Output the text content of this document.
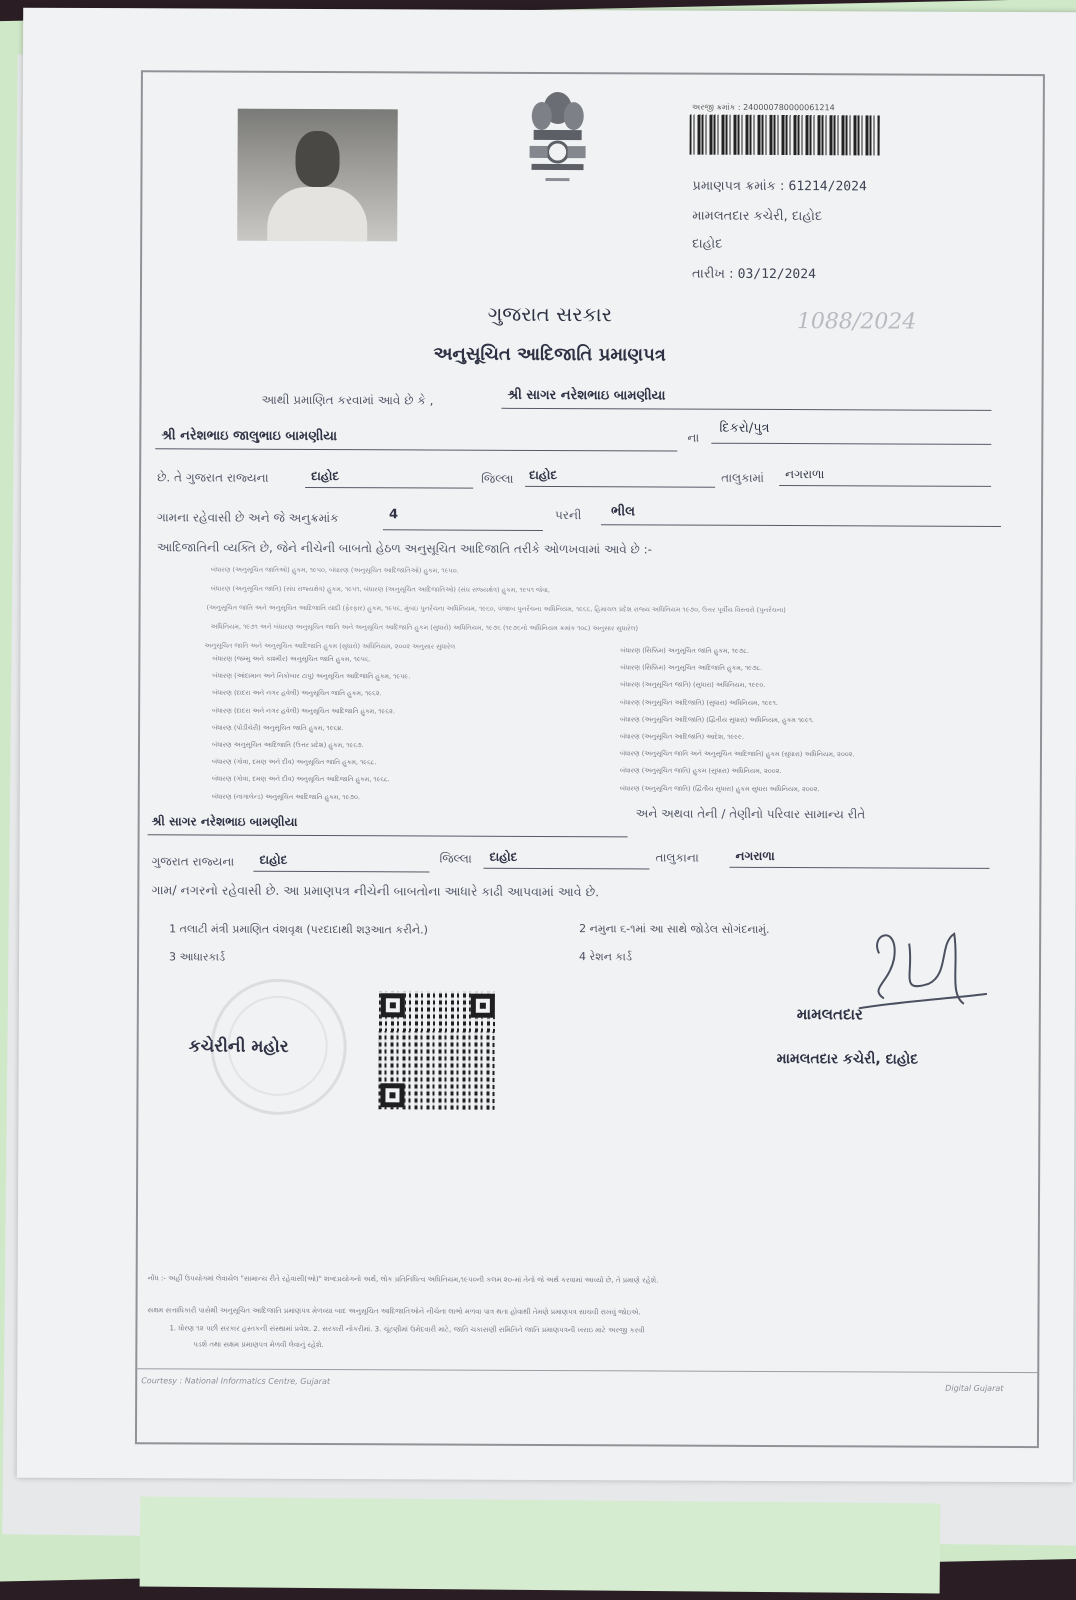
અરજી ક્રમાંક : 240000780000061214
પ્રમાણપત્ર ક્રમાંક : 61214/2024
મામલતદાર કચેરી, દાહોદ
દાહોદ
તારીખ : 03/12/2024
1088/2024
ગુજરાત સરકાર
અનુસૂચિત આદિજાતિ પ્રમાણપત્ર
આથી પ્રમાણિત કરવામાં આવે છે કે ,	શ્રી સાગર નરેશભાઇ બામણીયા
શ્રી નરેશભાઇ જાલુભાઇ બામણીયા	ના
દિકરો/પુત્ર
છે. તે ગુજરાત રાજ્યના	દાહોદ	જિલ્લા દાહોદ	તાલુકામાં નગરાળા
ગામના રહેવાસી છે અને જે અનુક્રમાંક	4	પરની ભીલ
આદિજાતિની વ્યક્તિ છે, જેને નીચેની બાબતો હેઠળ અનુસૂચિત આદિજાતિ તરીકે ઓળખવામાં આવે છે :-
બંધારણ (અનુસૂચિત જાતિઓ) હુકમ, ૧૯૫૦, બંધારણ (અનુસૂચિત આદિજાતિઓ) હુકમ, ૧૯૫૦.
બંધારણ (અનુસૂચિત જાતિ) (સંઘ રાજ્યક્ષેત્ર) હુકમ, ૧૯૫૧, બંધારણ (અનુસૂચિત આદિજાતિઓ) (સંઘ રાજ્યક્ષેત્ર) હુકમ, ૧૯૫૧ જેવા,
(અનુસૂચિત જાતિ અને અનુસૂચિત આદિજાતિ યાદી (ફેરફાર) હુકમ, ૧૯૫૬, મુંબઇ પુનર્રચના અધિનિયમ, ૧૯૬૦, પંજાબ પુનર્રચના અધિનિયમ, ૧૯૬૬, હિમાચલ પ્રદેશ રાજ્ય અધિનિયમ ૧૯૭૦, ઉત્તર પૂર્વીય વિસ્તારો (પુનર્રચના)
અધિનિયમ, ૧૯૭૧ અને બંધારણ અનુસૂચિત જાતિ અને અનુસૂચિત આદિજાતિ હુકમ (સુધારો) અધિનિયમ, ૧૯૭૬ (૧૯૭૬નો અધિનિયમ ક્રમાંક ૧૦૮) અનુસાર સુધારેલ)
અનુસૂચિત જાતિ અને અનુસૂચિત આદિજાતિ હુકમ (સુધારો) અધિનિયમ, ૨૦૦૨ અનુસાર સુધારેલ
બંધારણ (જમ્મુ અને કાશ્મીર) અનુસૂચિત જાતિ હુકમ, ૧૯૫૬.
બંધારણ (આંદામાન અને નિકોબાર ટાપુ) અનુસૂચિત આદિજાતિ હુકમ, ૧૯૫૯.
બંધારણ (દાદરા અને નગર હવેલી) અનુસૂચિત જાતિ હુકમ, ૧૯૬૨.
બંધારણ (દાદરા અને નગર હવેલી) અનુસૂચિત આદિજાતિ હુકમ, ૧૯૬૨.
બંધારણ (પોંડીચેરી) અનુસૂચિત જાતિ હુકમ, ૧૯૬૪.
બંધારણ અનુસૂચિત આદિજાતિ (ઉત્તર પ્રદેશ) હુકમ, ૧૯૬૭.
બંધારણ (ગોવા, દમણ અને દીવ) અનુસૂચિત જાતિ હુકમ, ૧૯૬૮.
બંધારણ (ગોવા, દમણ અને દીવ) અનુસૂચિત આદિજાતિ હુકમ, ૧૯૬૮.
બંધારણ (નાગાલેન્ડ) અનુસૂચિત આદિજાતિ હુકમ, ૧૯૭૦.
બંધારણ (સિક્કિમ) અનુસૂચિત જાતિ હુકમ, ૧૯૭૮.
બંધારણ (સિક્કિમ) અનુસૂચિત આદિજાતિ હુકમ, ૧૯૭૮.
બંધારણ (અનુસૂચિત જાતિ) (સુધારા) અધિનિયમ, ૧૯૯૦.
બંધારણ (અનુસૂચિત આદિજાતિ) (સુધારા) અધિનિયમ, ૧૯૯૧.
બંધારણ (અનુસૂચિત આદિજાતિ) (દ્વિતીય સુધારા) અધિનિયમ, હુકમ ૧૯૯૧.
બંધારણ (અનુસૂચિત આદિજાતિ) આદેશ, ૧૯૯૯.
બંધારણ (અનુસૂચિત જાતિ અને અનુસૂચિત આદિજાતિ) હુકમ (સુધારા) અધિનિયમ, ૨૦૦૨.
બંધારણ (અનુસૂચિત જાતિ) હુકમ (સુધારા) અધિનિયમ, ૨૦૦૨.
બંધારણ (અનુસૂચિત જાતિ) (દ્વિતીય સુધારા) હુકમ સુધારા અધિનિયમ, ૨૦૦૨.
શ્રી સાગર નરેશભાઇ બામણીયા
અને અથવા તેની / તેણીનો પરિવાર સામાન્ય રીતે
ગુજરાત રાજ્યના દાહોદ	જિલ્લા દાહોદ	તાલુકાના	નગરાળા
ગામ/ નગરનો રહેવાસી છે. આ પ્રમાણપત્ર નીચેની બાબતોના આધારે કાઢી આપવામાં આવે છે.
1 તલાટી મંત્રી પ્રમાણિત વંશવૃક્ષ (પરદાદાથી શરૂઆત કરીને.)	2 નમુના ૬-૧માં આ સાથે જોડેલ સોગંદનામું.
3 આધારકાર્ડ	4 રેશન કાર્ડ
કચેરીની મહોર
મામલતદાર
મામલતદાર કચેરી, દાહોદ
નોંધ :- અહીં ઉપયોગમાં લેવાયેલ "સામાન્ય રીતે રહેવાસી(ઓ)" શબ્દપ્રયોગનો અર્થ, લોક પ્રતિનિધિત્વ અધિનિયમ,૧૯૫૦ની કલમ ૨૦-માં તેનો જે અર્થ કરવામાં આવ્યો છે, તે પ્રમાણે રહેશે.
સક્ષમ સત્તાધિકારી પાસેથી અનુસૂચિત આદિજાતિ પ્રમાણપત્ર મેળવ્યા બાદ અનુસૂચિત આદિજાતિઓને નીચેના લાભો મળવા પાત્ર થતા હોવાથી તેમણે પ્રમાણપત્ર સાચવી રાખવું જોઇએ.
1. ધોરણ ૧૨ પછી સરકાર હસ્તકની સંસ્થામાં પ્રવેશ. 2. સરકારી નોકરીમાં. 3. ચૂંટણીમાં ઉમેદવારી માટે, જાતિ ચકાસણી સમિતિને જાતિ પ્રમાણપત્રની ખરાઇ માટે અરજી કરવી
પડશે તથા સક્ષમ પ્રમાણપત્ર મેળવી લેવાનું રહેશે.
Courtesy : National Informatics Centre, Gujarat
Digital Gujarat
